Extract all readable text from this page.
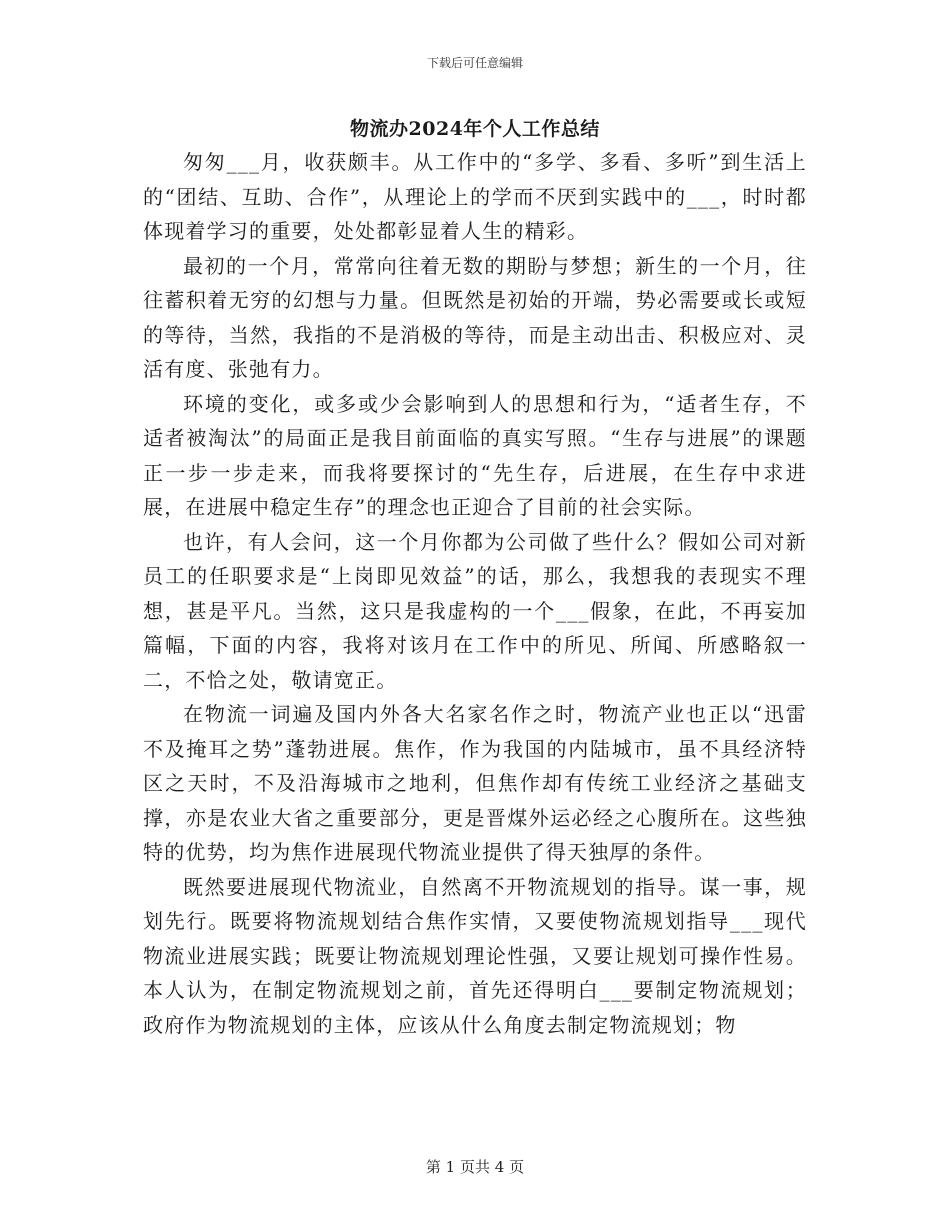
下载后可任意编辑
物流办2024年个人工作总结

匆匆___月，收获颇丰。从工作中的“多学、多看、多听”到生活上的“团结、互助、合作”，从理论上的学而不厌到实践中的___，时时都体现着学习的重要，处处都彰显着人生的精彩。

最初的一个月，常常向往着无数的期盼与梦想；新生的一个月，往往蓄积着无穷的幻想与力量。但既然是初始的开端，势必需要或长或短的等待，当然，我指的不是消极的等待，而是主动出击、积极应对、灵活有度、张弛有力。

环境的变化，或多或少会影响到人的思想和行为，“适者生存，不适者被淘汰”的局面正是我目前面临的真实写照。“生存与进展”的课题正一步一步走来，而我将要探讨的“先生存，后进展，在生存中求进展，在进展中稳定生存”的理念也正迎合了目前的社会实际。

也许，有人会问，这一个月你都为公司做了些什么？假如公司对新员工的任职要求是“上岗即见效益”的话，那么，我想我的表现实不理想，甚是平凡。当然，这只是我虚构的一个___假象，在此，不再妄加篇幅，下面的内容，我将对该月在工作中的所见、所闻、所感略叙一二，不恰之处，敬请宽正。

在物流一词遍及国内外各大名家名作之时，物流产业也正以“迅雷不及掩耳之势”蓬勃进展。焦作，作为我国的内陆城市，虽不具经济特区之天时，不及沿海城市之地利，但焦作却有传统工业经济之基础支撑，亦是农业大省之重要部分，更是晋煤外运必经之心腹所在。这些独特的优势，均为焦作进展现代物流业提供了得天独厚的条件。

既然要进展现代物流业，自然离不开物流规划的指导。谋一事，规划先行。既要将物流规划结合焦作实情，又要使物流规划指导___现代物流业进展实践；既要让物流规划理论性强，又要让规划可操作性易。本人认为，在制定物流规划之前，首先还得明白___要制定物流规划；政府作为物流规划的主体，应该从什么角度去制定物流规划；物

第 1 页共 4 页
